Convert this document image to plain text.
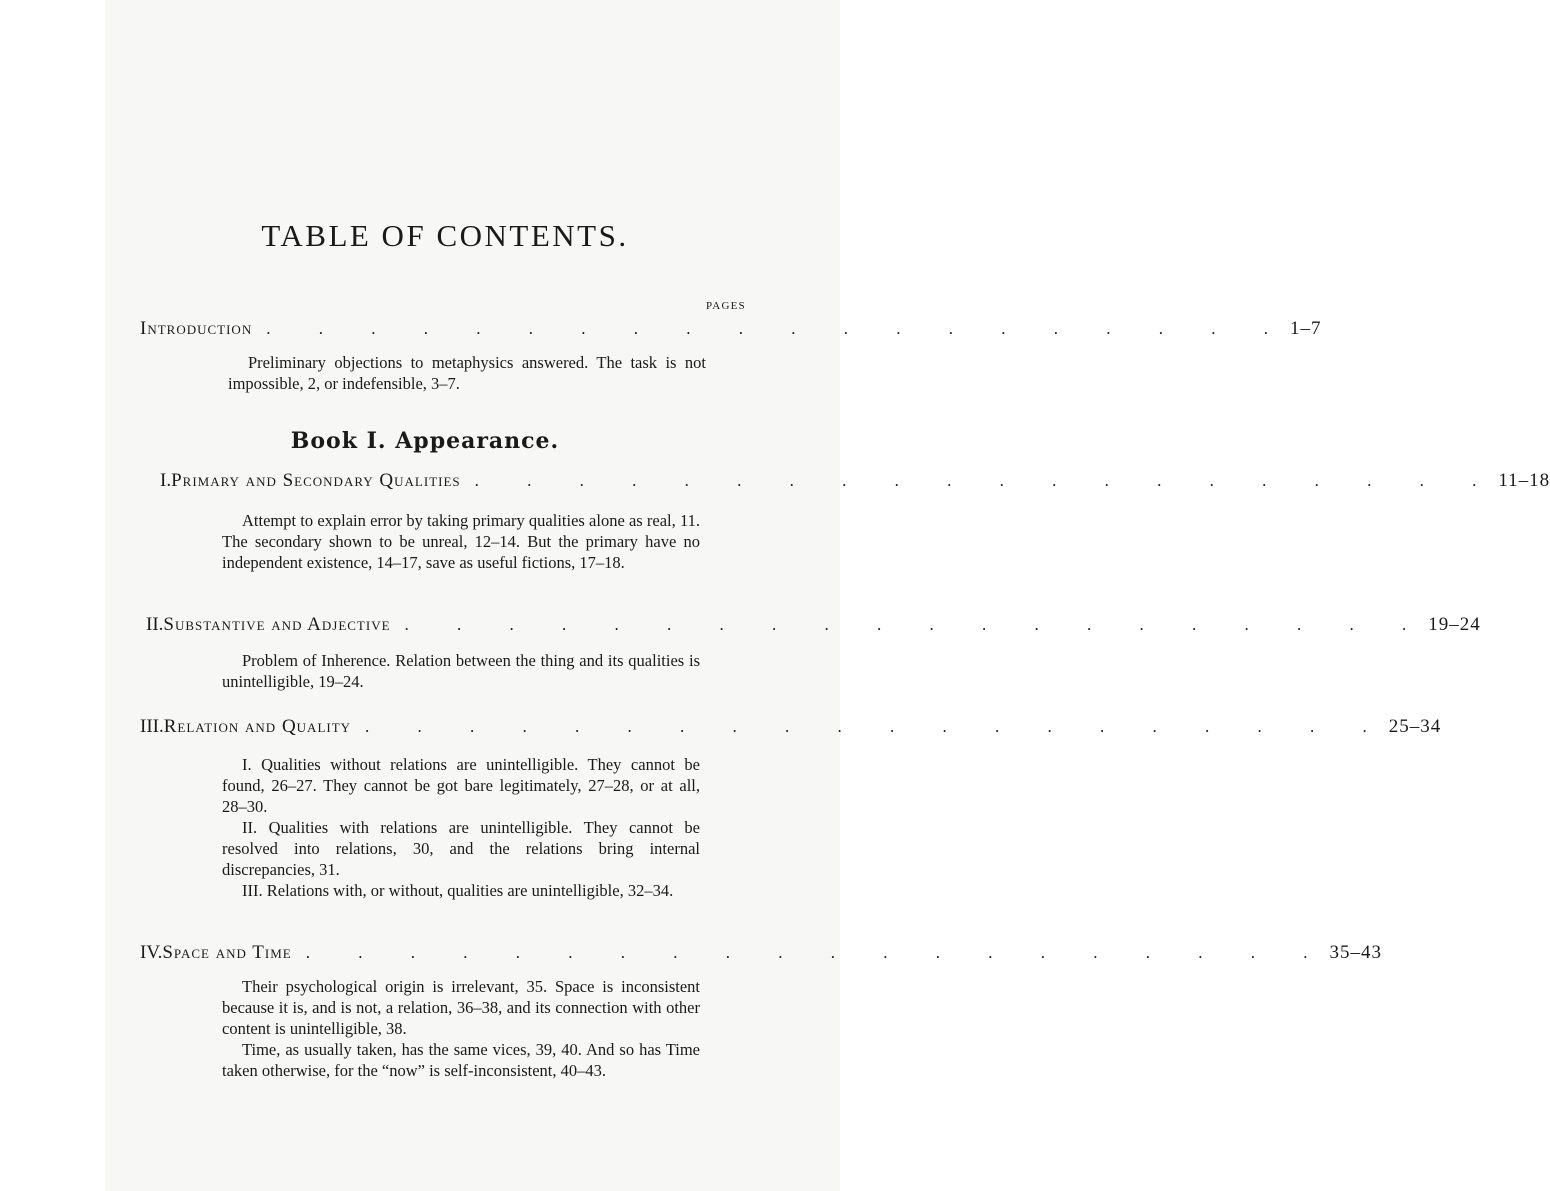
TABLE OF CONTENTS.
PAGES
Introduction . . . . . . . . . . . . . . . . . . . . 1–7

Preliminary objections to metaphysics answered. The task is not impossible, 2, or indefensible, 3–7.

Book I. Appearance.
I. Primary and Secondary Qualities . . . . . . . . . . . . . . . . . . . . 11–18

Attempt to explain error by taking primary qualities alone as real, 11. The secondary shown to be unreal, 12–14. But the primary have no independent existence, 14–17, save as useful fictions, 17–18.

II. Substantive and Adjective . . . . . . . . . . . . . . . . . . . . 19–24

Problem of Inherence. Relation between the thing and its qualities is unintelligible, 19–24.

III. Relation and Quality . . . . . . . . . . . . . . . . . . . . 25–34

I. Qualities without relations are unintelligible. They cannot be found, 26–27. They cannot be got bare legitimately, 27–28, or at all, 28–30.

II. Qualities with relations are unintelligible. They cannot be resolved into relations, 30, and the relations bring internal discrepancies, 31.

III. Relations with, or without, qualities are unintelligible, 32–34.

IV. Space and Time . . . . . . . . . . . . . . . . . . . . 35–43

Their psychological origin is irrelevant, 35. Space is inconsistent because it is, and is not, a relation, 36–38, and its connection with other content is unintelligible, 38.

Time, as usually taken, has the same vices, 39, 40. And so has Time taken otherwise, for the “now” is self-inconsistent, 40–43.
